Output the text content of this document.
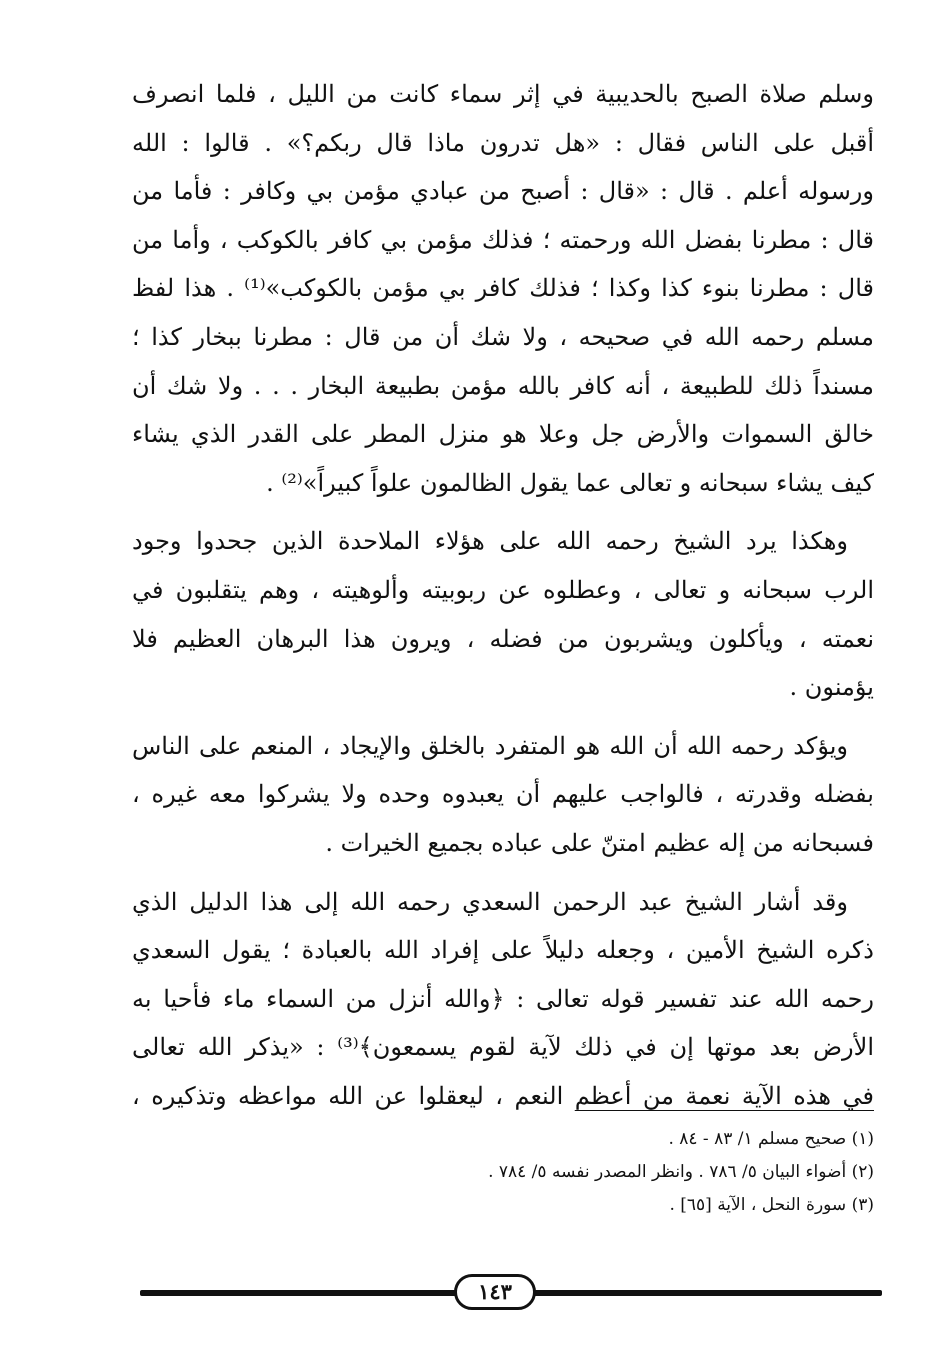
وسلم صلاة الصبح بالحديبية في إثر سماء كانت من الليل ، فلما انصرف
أقبل على الناس فقال : «هل تدرون ماذا قال ربكم؟» . قالوا : الله
ورسوله أعلم . قال : «قال : أصبح من عبادي مؤمن بي وكافر : فأما من
قال : مطرنا بفضل الله ورحمته ؛ فذلك مؤمن بي كافر بالكوكب ، وأما من
قال : مطرنا بنوء كذا وكذا ؛ فذلك كافر بي مؤمن بالكوكب»⁽¹⁾ . هذا لفظ
مسلم رحمه الله في صحيحه ، ولا شك أن من قال : مطرنا ببخار كذا ؛
مسنداً ذلك للطبيعة ، أنه كافر بالله مؤمن بطبيعة البخار . . . ولا شك أن
خالق السموات والأرض جل وعلا هو منزل المطر على القدر الذي يشاء
كيف يشاء سبحانه و تعالى عما يقول الظالمون علواً كبيراً»⁽²⁾ .
وهكذا يرد الشيخ رحمه الله على هؤلاء الملاحدة الذين جحدوا وجود
الرب سبحانه و تعالى ، وعطلوه عن ربوبيته وألوهيته ، وهم يتقلبون في
نعمته ، ويأكلون ويشربون من فضله ، ويرون هذا البرهان العظيم فلا
يؤمنون .
ويؤكد رحمه الله أن الله هو المتفرد بالخلق والإيجاد ، المنعم على الناس
بفضله وقدرته ، فالواجب عليهم أن يعبدوه وحده ولا يشركوا معه غيره ،
فسبحانه من إله عظيم امتنّ على عباده بجميع الخيرات .
وقد أشار الشيخ عبد الرحمن السعدي رحمه الله إلى هذا الدليل الذي
ذكره الشيخ الأمين ، وجعله دليلاً على إفراد الله بالعبادة ؛ يقول السعدي
رحمه الله عند تفسير قوله تعالى : ﴿والله أنزل من السماء ماء فأحيا به
الأرض بعد موتها إن في ذلك لآية لقوم يسمعون﴾⁽³⁾ : «يذكر الله تعالى
في هذه الآية نعمة من أعظم النعم ، ليعقلوا عن الله مواعظه وتذكيره ،
(١) صحيح مسلم ١/ ٨٣ - ٨٤ .
(٢) أضواء البيان ٥/ ٧٨٦ . وانظر المصدر نفسه ٥/ ٧٨٤ .
(٣) سورة النحل ، الآية [٦٥] .
١٤٣
